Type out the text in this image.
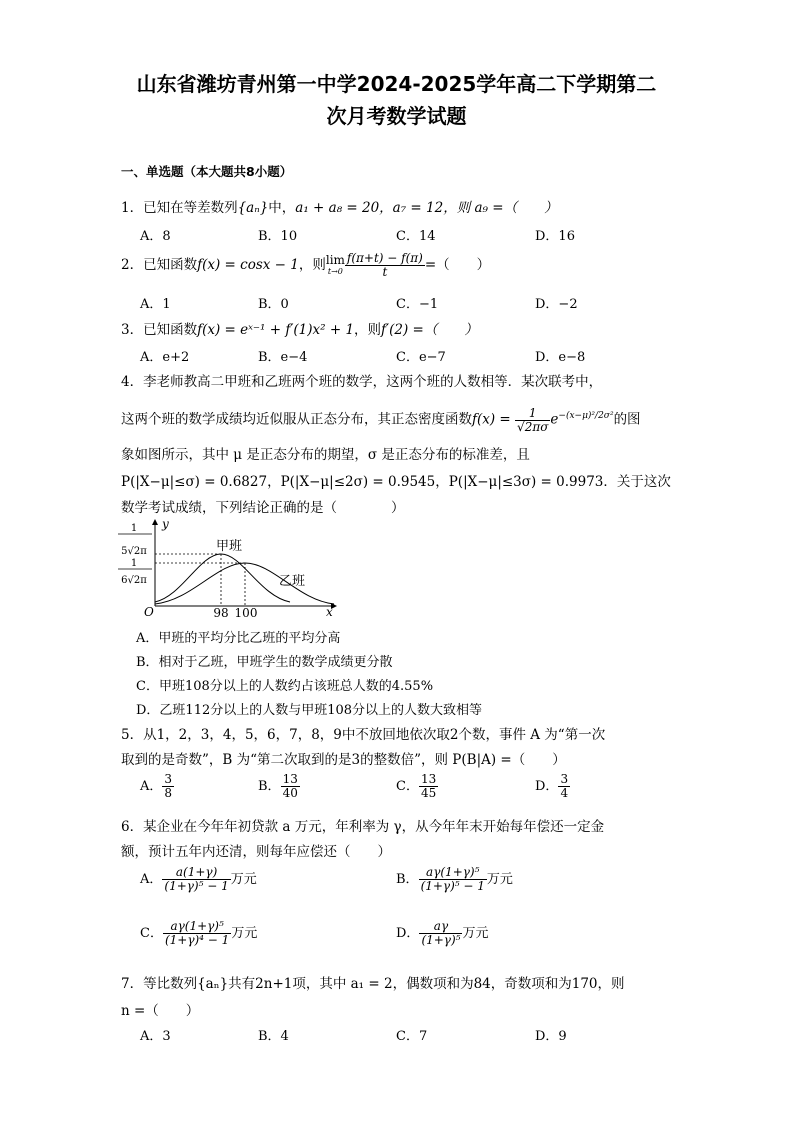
山东省潍坊青州第一中学2024-2025学年高二下学期第二
次月考数学试题
一、单选题（本大题共8小题）
1．已知在等差数列{aₙ}中，a₁ + a₈ = 20，a₇ = 12，则 a₉ =（　　）
A．8	B．10	C．14	D．16
2．已知函数f(x) = cosx − 1，则 lim
$t\to 0 \frac{f(\pi+t) - f(\pi)}{t}$ =（　　）
A．1	B．0	C．−1	D．−2
3．已知函数f(x) = eˣ⁻¹ + f′(1)x² + 1，则f′(2) =（　　）
A．e+2	B．e−4	C．e−7	D．e−8
4．李老师教高二甲班和乙班两个班的数学，这两个班的人数相等．某次联考中，
这两个班的数学成绩均近似服从正态分布，其正态密度函数$f(x) = \frac{1}{√2\pi\sigma} e^{-(x-\mu)^2/2\sigma^2}$的图
象如图所示，其中 μ 是正态分布的期望，σ 是正态分布的标准差，且
P(|X−μ|≤σ) = 0.6827，P(|X−μ|≤2σ) = 0.9545，P(|X−μ|≤3σ) = 0.9973．关于这次
数学考试成绩，下列结论正确的是（　　　　）
y
x
O
1
5√2π
1
6√2π
甲班
乙班
98 100
A．甲班的平均分比乙班的平均分高
B．相对于乙班，甲班学生的数学成绩更分散
C．甲班108分以上的人数约占该班总人数的4.55%
D．乙班112分以上的人数与甲班108分以上的人数大致相等
5．从1，2，3，4，5，6，7，8，9中不放回地依次取2个数，事件 A 为“第一次
取到的是奇数”，B 为“第二次取到的是3的整数倍”，则 P(B|A) =（　　）
A． $\frac{3}{8}$	B． $\frac{13}{40}$	C． $\frac{13}{45}$	D． $\frac{3}{4}$
6．某企业在今年年初贷款 a 万元，年利率为 γ，从今年年末开始每年偿还一定金
额，预计五年内还清，则每年应偿还（　　）
A． $\frac{a(1+\gamma)}{\text{(1+γ)⁵ − 1}}$ 万元	B． $\frac{\text{aγ(1+γ)⁵}}{\text{(1+γ)⁵ − 1}}$ 万元
C． $\frac{\text{aγ(1+γ)⁵}}{\text{(1+γ)⁴ − 1}}$ 万元	D． $\frac{a\gamma}{\text{(1+γ)⁵}}$ 万元
7．等比数列{aₙ}共有2n+1项，其中 a₁ = 2，偶数项和为84，奇数项和为170，则
n =（　　）
A．3	B．4	C．7	D．9
